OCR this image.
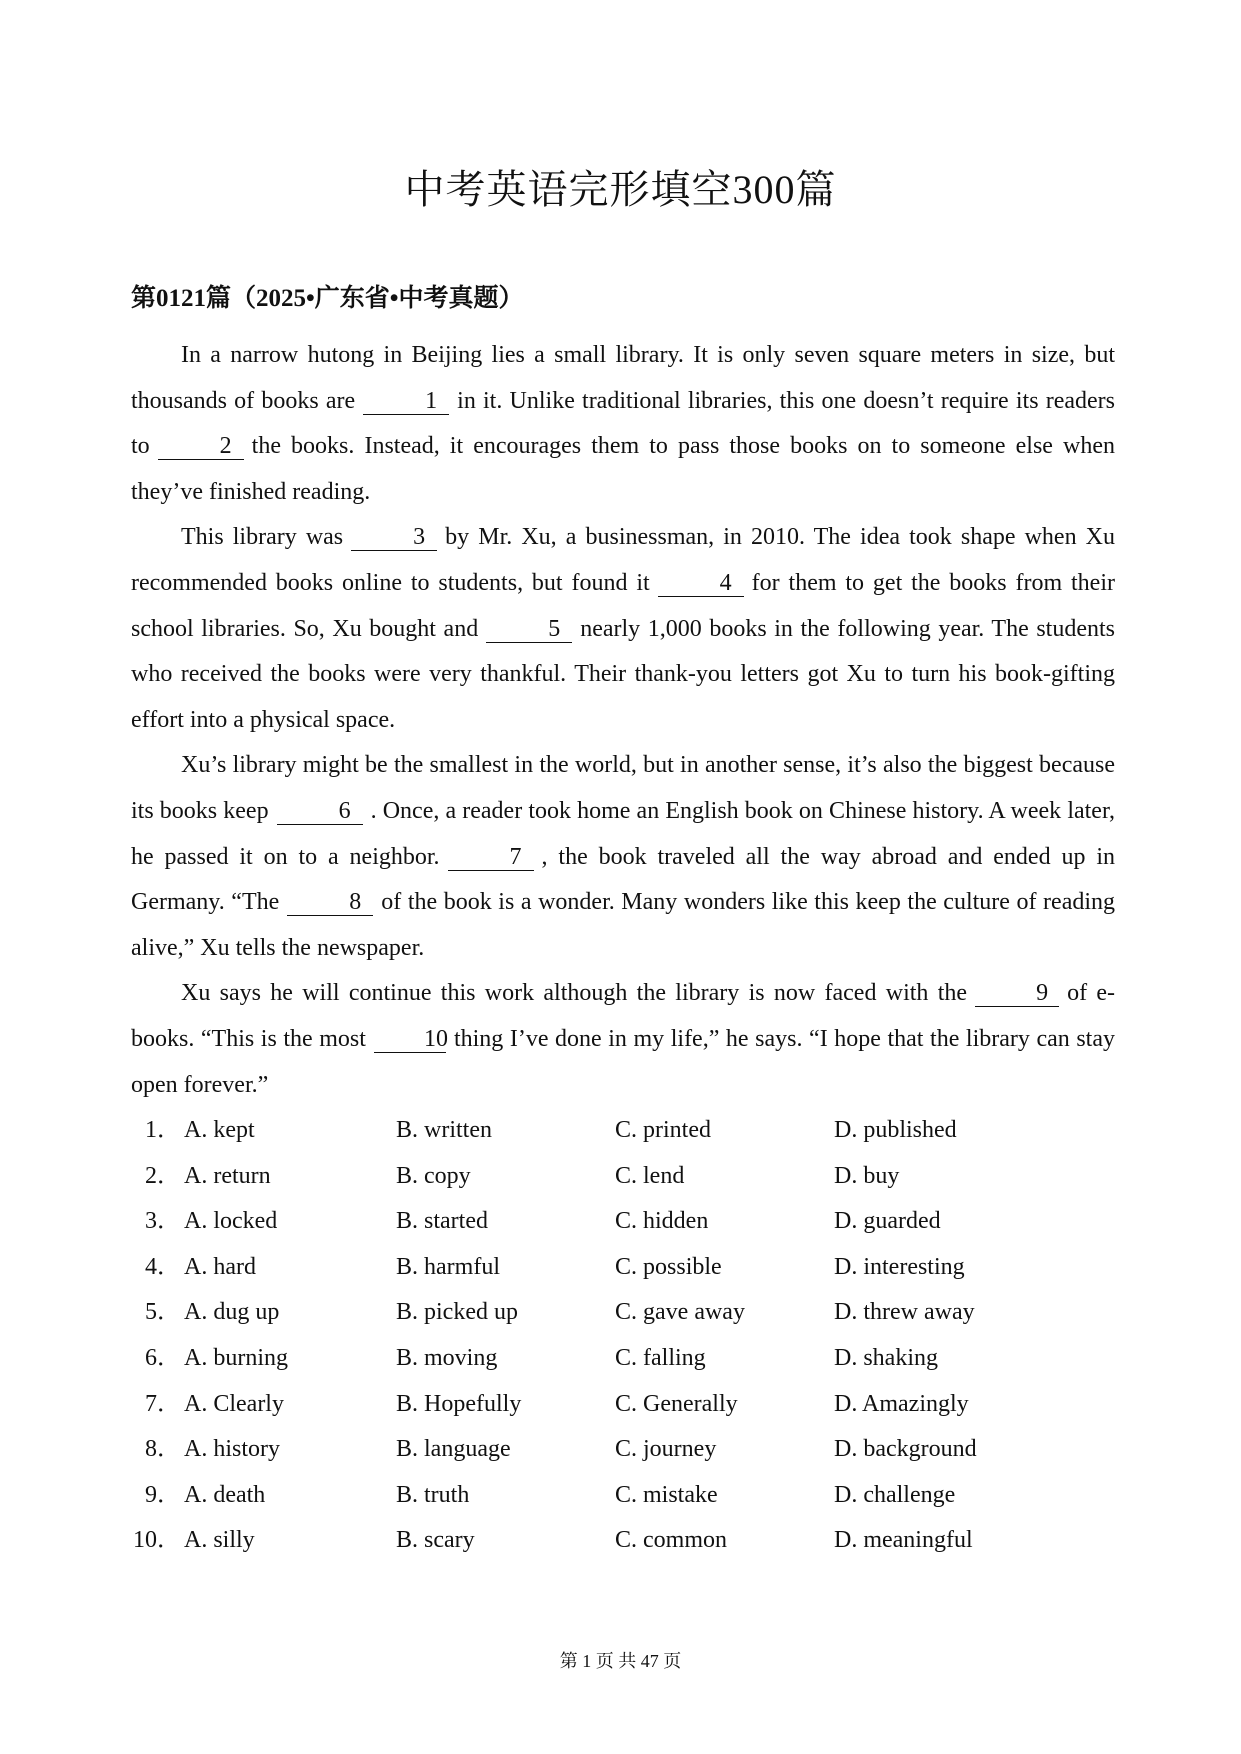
中考英语完形填空300篇
第0121篇（2025•广东省•中考真题）

In a narrow hutong in Beijing lies a small library. It is only seven square meters in size, but thousands of books are	1 in it. Unlike traditional libraries, this one doesn’t require its readers to	2 the books. Instead, it encourages them to pass those books on to someone else when they’ve finished reading.

This library was	3 by Mr. Xu, a businessman, in 2010. The idea took shape when Xu recommended books online to students, but found it	4 for them to get the books from their school libraries. So, Xu bought and	5 nearly 1,000 books in the following year. The students who received the books were very thankful. Their thank-you letters got Xu to turn his book-gifting effort into a physical space.

Xu’s library might be the smallest in the world, but in another sense, it’s also the biggest because its books keep	6 . Once, a reader took home an English book on Chinese history. A week later, he passed it on to a neighbor.	7 , the book traveled all the way abroad and ended up in Germany. “The	8 of the book is a wonder. Many wonders like this keep the culture of reading alive,” Xu tells the newspaper.

Xu says he will continue this work although the library is now faced with the	9 of e-books. “This is the most 10 thing I’ve done in my life,” he says. “I hope that the library can stay open forever.”

1． A. kept	B. written	C. printed	D. published
2． A. return	B. copy	C. lend	D. buy
3． A. locked	B. started	C. hidden	D. guarded
4． A. hard	B. harmful	C. possible	D. interesting
5． A. dug up	B. picked up	C. gave away	D. threw away
6． A. burning	B. moving	C. falling	D. shaking
7． A. Clearly	B. Hopefully	C. Generally	D. Amazingly
8． A. history	B. language	C. journey	D. background
9． A. death	B. truth	C. mistake	D. challenge
10． A. silly	B. scary	C. common	D. meaningful
第 1 页 共 47 页
